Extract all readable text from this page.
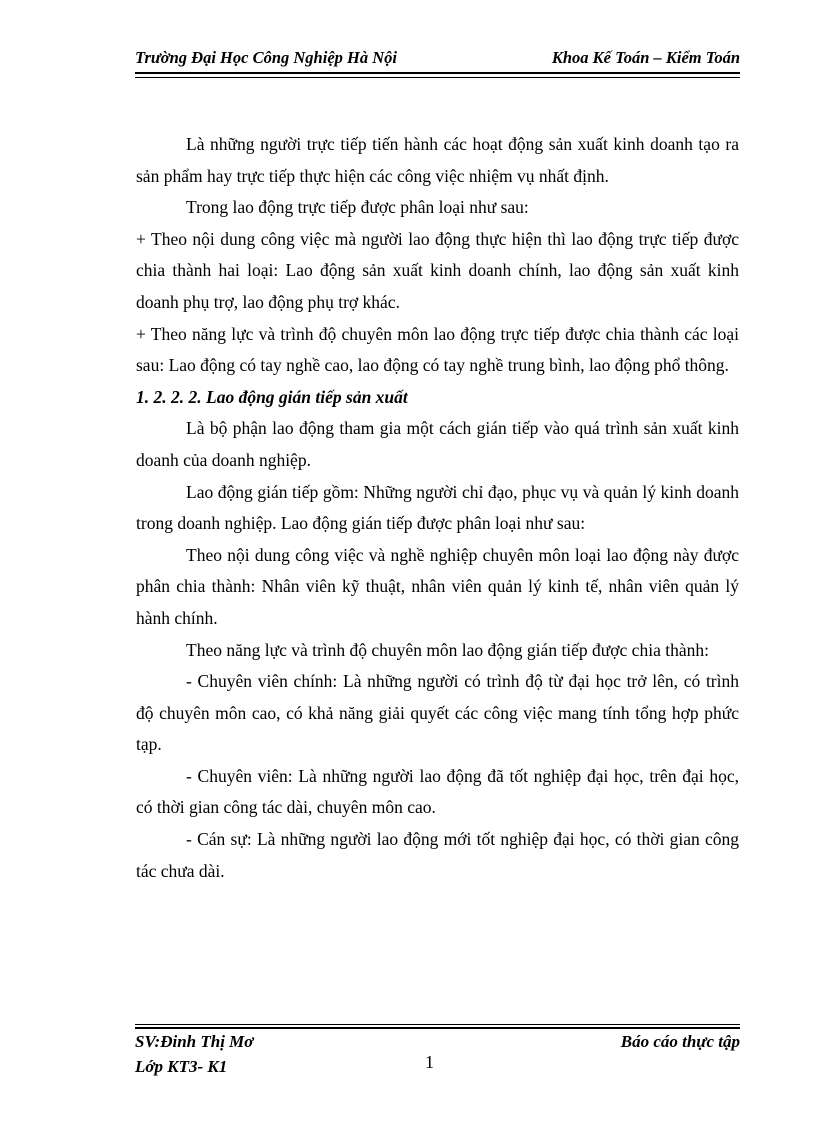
Trường Đại Học Công Nghiệp Hà Nội	Khoa Kế Toán – Kiểm Toán

Là những người trực tiếp tiến hành các hoạt động sản xuất kinh doanh tạo ra sản phẩm hay trực tiếp thực hiện các công việc nhiệm vụ nhất định.

Trong lao động trực tiếp được phân loại như sau:

+ Theo nội dung công việc mà người lao động thực hiện thì lao động trực tiếp được chia thành hai loại: Lao động sản xuất kinh doanh chính, lao động sản xuất kinh doanh phụ trợ, lao động phụ trợ khác.

+ Theo năng lực và trình độ chuyên môn lao động trực tiếp được chia thành các loại sau: Lao động có tay nghề cao, lao động có tay nghề trung bình, lao động phổ thông.

1. 2. 2. 2. Lao động gián tiếp sản xuất

Là bộ phận lao động tham gia một cách gián tiếp vào quá trình sản xuất kinh doanh của doanh nghiệp.

Lao động gián tiếp gồm: Những người chỉ đạo, phục vụ và quản lý kinh doanh trong doanh nghiệp. Lao động gián tiếp được phân loại như sau:

Theo nội dung công việc và nghề nghiệp chuyên môn loại lao động này được phân chia thành: Nhân viên kỹ thuật, nhân viên quản lý kinh tế, nhân viên quản lý hành chính.

Theo năng lực và trình độ chuyên môn lao động gián tiếp được chia thành:

- Chuyên viên chính: Là những người có trình độ từ đại học trở lên, có trình độ chuyên môn cao, có khả năng giải quyết các công việc mang tính tổng hợp phức tạp.

- Chuyên viên: Là những người lao động đã tốt nghiệp đại học, trên đại học, có thời gian công tác dài, chuyên môn cao.

- Cán sự: Là những người lao động mới tốt nghiệp đại học, có thời gian công tác chưa dài.

SV:Đinh Thị Mơ
Lớp KT3- K1	1
Báo cáo thực tập
